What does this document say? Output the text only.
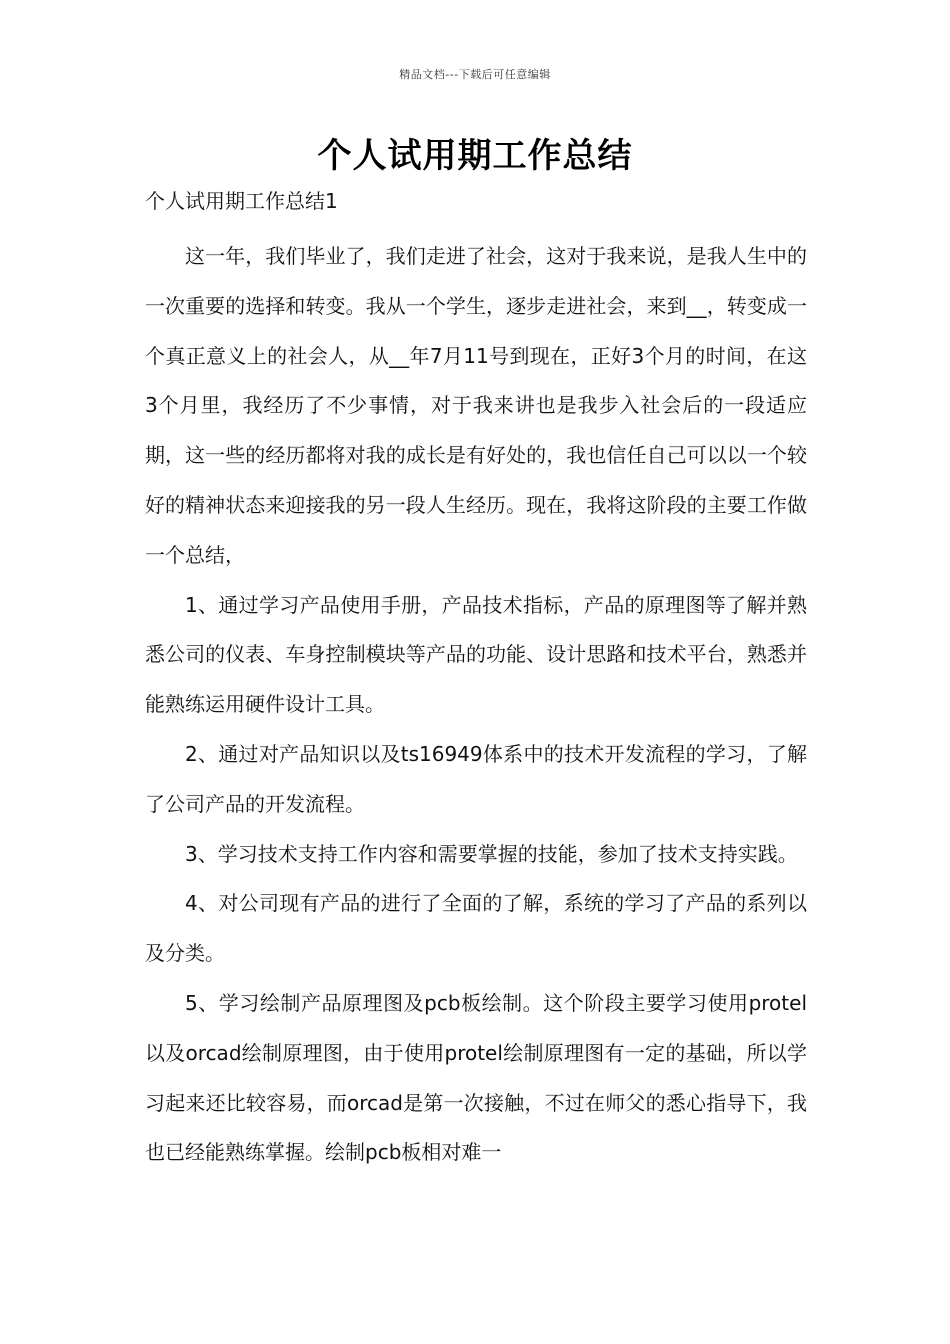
精品文档---下载后可任意编辑
个人试用期工作总结
个人试用期工作总结1

这一年，我们毕业了，我们走进了社会，这对于我来说，是我人生中的一次重要的选择和转变。我从一个学生，逐步走进社会，来到__，转变成一个真正意义上的社会人，从__年7月11号到现在，正好3个月的时间，在这3个月里，我经历了不少事情，对于我来讲也是我步入社会后的一段适应期，这一些的经历都将对我的成长是有好处的，我也信任自己可以以一个较好的精神状态来迎接我的另一段人生经历。现在，我将这阶段的主要工作做一个总结，

1、通过学习产品使用手册，产品技术指标，产品的原理图等了解并熟悉公司的仪表、车身控制模块等产品的功能、设计思路和技术平台，熟悉并能熟练运用硬件设计工具。

2、通过对产品知识以及ts16949体系中的技术开发流程的学习，了解了公司产品的开发流程。

3、学习技术支持工作内容和需要掌握的技能，参加了技术支持实践。

4、对公司现有产品的进行了全面的了解，系统的学习了产品的系列以及分类。

5、学习绘制产品原理图及pcb板绘制。这个阶段主要学习使用protel以及orcad绘制原理图，由于使用protel绘制原理图有一定的基础，所以学习起来还比较容易，而orcad是第一次接触，不过在师父的悉心指导下，我也已经能熟练掌握。绘制pcb板相对难一
